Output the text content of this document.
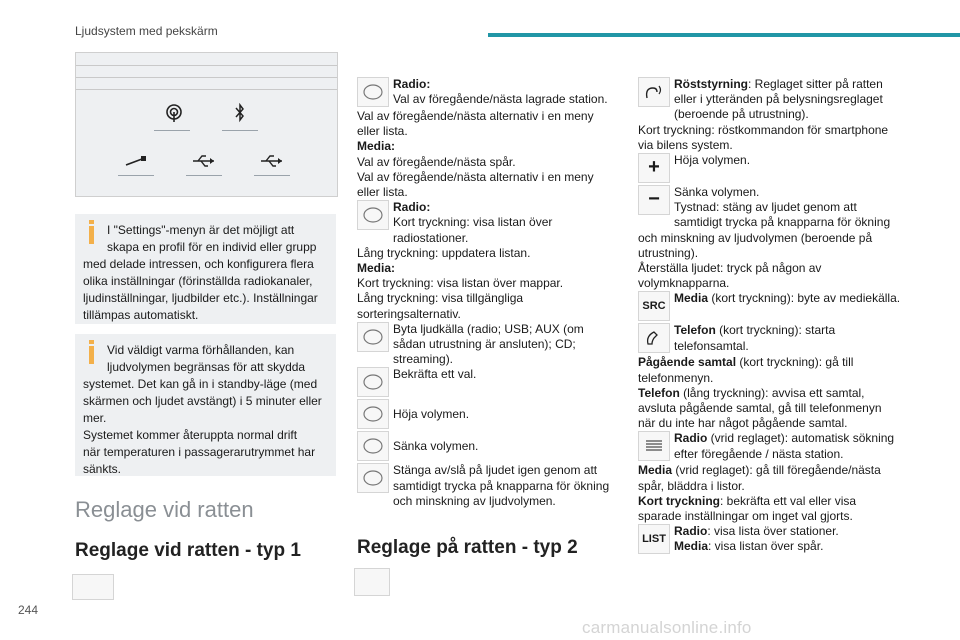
Ljudsystem med pekskärm

I "Settings"-menyn är det möjligt att skapa en profil för en individ eller grupp
med delade intressen, och konfigurera flera olika inställningar (förinställda radiokanaler, ljudinställningar, ljudbilder etc.). Inställningar tillämpas automatiskt.

Vid väldigt varma förhållanden, kan ljudvolymen begränsas för att skydda
systemet. Det kan gå in i standby-läge (med skärmen och ljudet avstängt) i 5 minuter eller mer.
Systemet kommer återuppta normal drift
när temperaturen i passagerarutrymmet har sänkts.

Reglage vid ratten
Reglage vid ratten - typ 1
Radio:
Val av föregående/nästa lagrade station.
Val av föregående/nästa alternativ i en meny eller lista.
Media:
Val av föregående/nästa spår.
Val av föregående/nästa alternativ i en meny eller lista.
Radio:
Kort tryckning: visa listan över radiostationer.
Lång tryckning: uppdatera listan.
Media:
Kort tryckning: visa listan över mappar.
Lång tryckning: visa tillgängliga sorteringsalternativ.
Byta ljudkälla (radio; USB; AUX (om sådan utrustning är ansluten); CD; streaming).
Bekräfta ett val.
Höja volymen.
Sänka volymen.
Stänga av/slå på ljudet igen genom att samtidigt trycka på knapparna för ökning och minskning av ljudvolymen.
Reglage på ratten - typ 2
Röststyrning: Reglaget sitter på ratten eller i ytteränden på belysningsreglaget (beroende på utrustning).
Kort tryckning: röstkommandon för smartphone via bilens system.
+	Höja volymen.
−	Sänka volymen.
Tystnad: stäng av ljudet genom att samtidigt trycka på knapparna för ökning och minskning av ljudvolymen (beroende på utrustning).
Återställa ljudet: tryck på någon av volymknapparna.
SRC
Media (kort tryckning): byte av mediekälla.
Telefon (kort tryckning): starta telefonsamtal.
Pågående samtal (kort tryckning): gå till telefonmenyn.
Telefon (lång tryckning): avvisa ett samtal, avsluta pågående samtal, gå till telefonmenyn när du inte har något pågående samtal.
Radio (vrid reglaget): automatisk sökning efter föregående / nästa station.
Media (vrid reglaget): gå till föregående/nästa spår, bläddra i listor.
Kort tryckning: bekräfta ett val eller visa sparade inställningar om inget val gjorts.
LIST
Radio: visa lista över stationer.
Media: visa listan över spår.
244
carmanualsonline.info
